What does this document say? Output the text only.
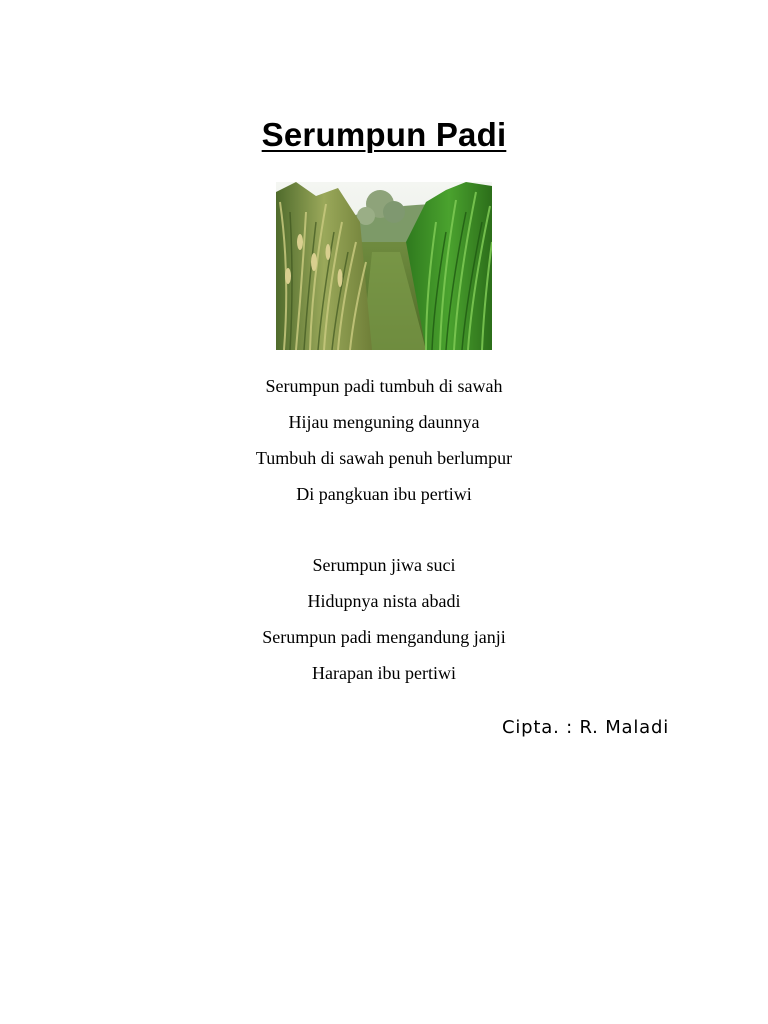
Serumpun Padi
Serumpun padi tumbuh di sawah
Hijau menguning daunnya
Tumbuh di sawah penuh berlumpur
Di pangkuan ibu pertiwi
Serumpun jiwa suci
Hidupnya nista abadi
Serumpun padi mengandung janji
Harapan ibu pertiwi
Cipta. : R. Maladi
